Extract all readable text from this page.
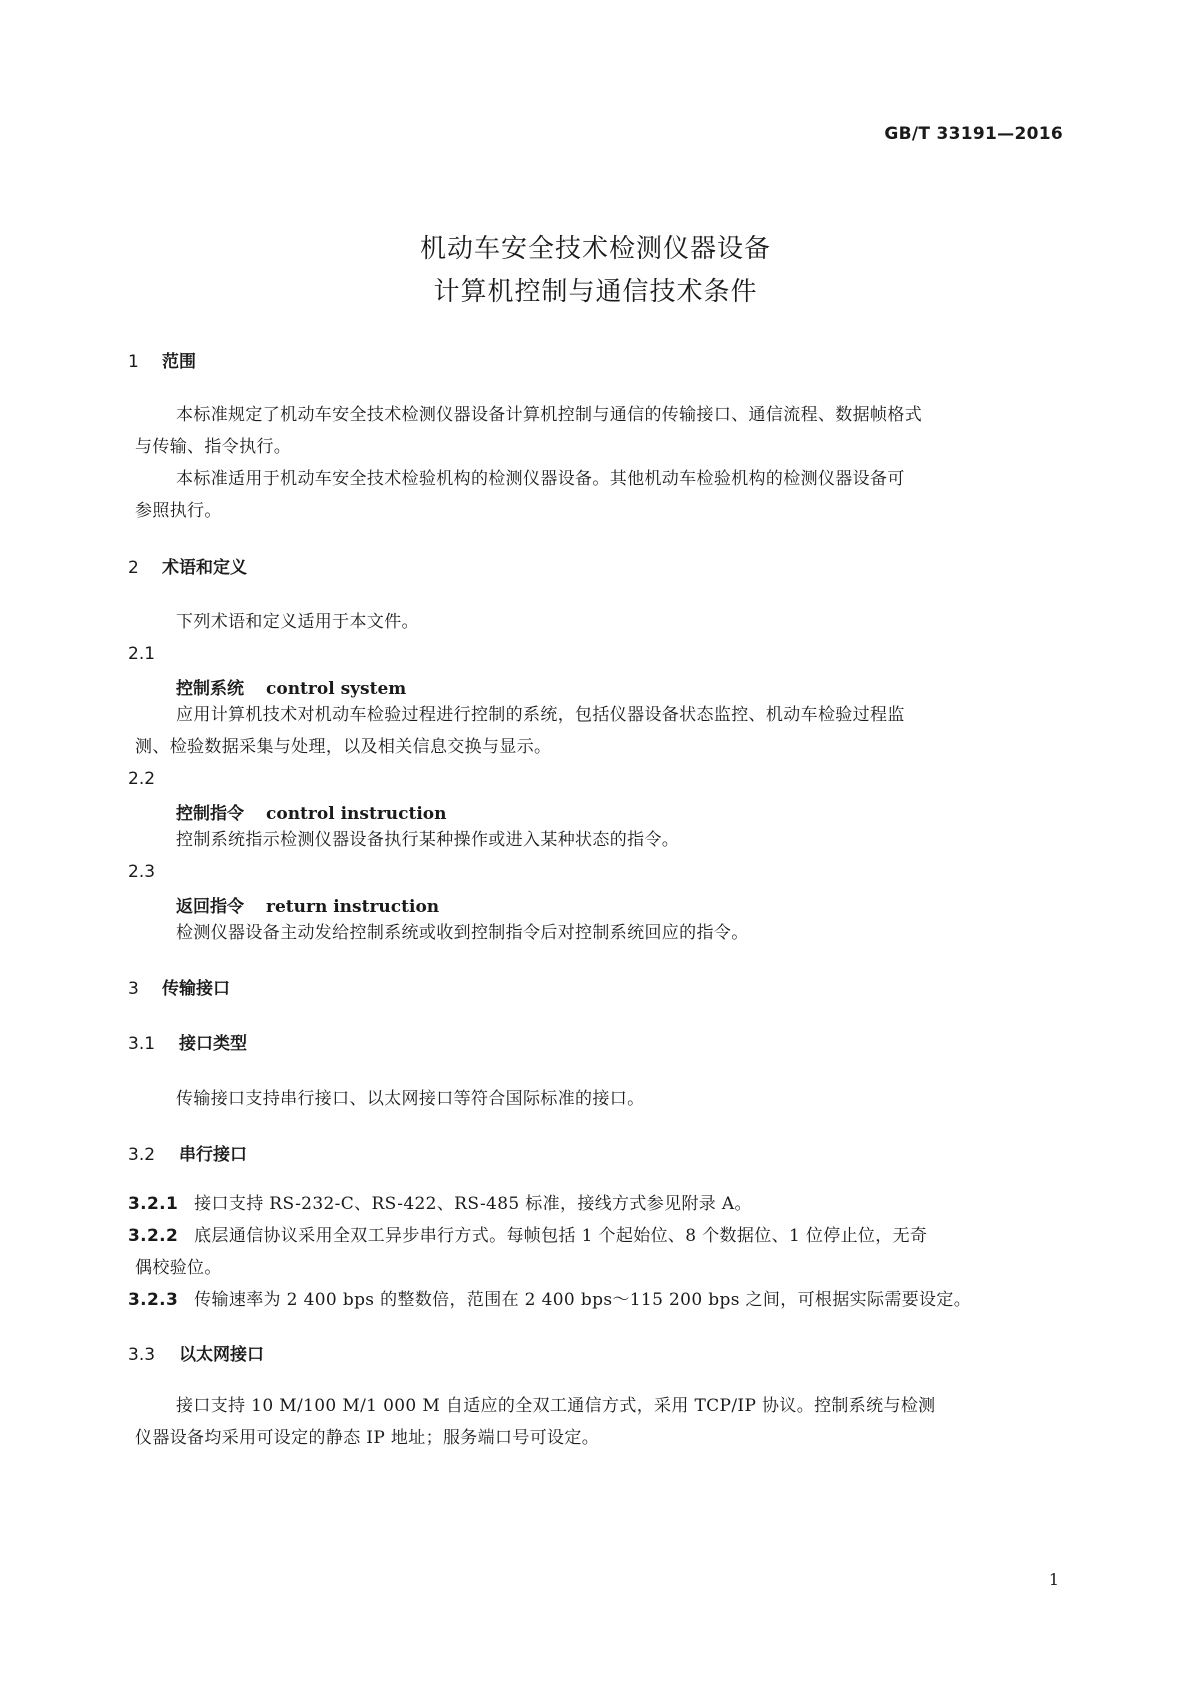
GB/T 33191—2016
机动车安全技术检测仪器设备
计算机控制与通信技术条件
1 范围
本标准规定了机动车安全技术检测仪器设备计算机控制与通信的传输接口、通信流程、数据帧格式
与传输、指令执行。
本标准适用于机动车安全技术检验机构的检测仪器设备。其他机动车检验机构的检测仪器设备可
参照执行。
2 术语和定义
下列术语和定义适用于本文件。
2.1
控制系统 control system
应用计算机技术对机动车检验过程进行控制的系统，包括仪器设备状态监控、机动车检验过程监
测、检验数据采集与处理，以及相关信息交换与显示。
2.2
控制指令 control instruction
控制系统指示检测仪器设备执行某种操作或进入某种状态的指令。
2.3
返回指令 return instruction
检测仪器设备主动发给控制系统或收到控制指令后对控制系统回应的指令。
3 传输接口
3.1 接口类型
传输接口支持串行接口、以太网接口等符合国际标准的接口。
3.2 串行接口
3.2.1 接口支持 RS-232-C、RS-422、RS-485 标准，接线方式参见附录 A。
3.2.2 底层通信协议采用全双工异步串行方式。每帧包括 1 个起始位、8 个数据位、1 位停止位，无奇
偶校验位。
3.2.3 传输速率为 2 400 bps 的整数倍，范围在 2 400 bps～115 200 bps 之间，可根据实际需要设定。
3.3 以太网接口
接口支持 10 M/100 M/1 000 M 自适应的全双工通信方式，采用 TCP/IP 协议。控制系统与检测
仪器设备均采用可设定的静态 IP 地址；服务端口号可设定。
1
